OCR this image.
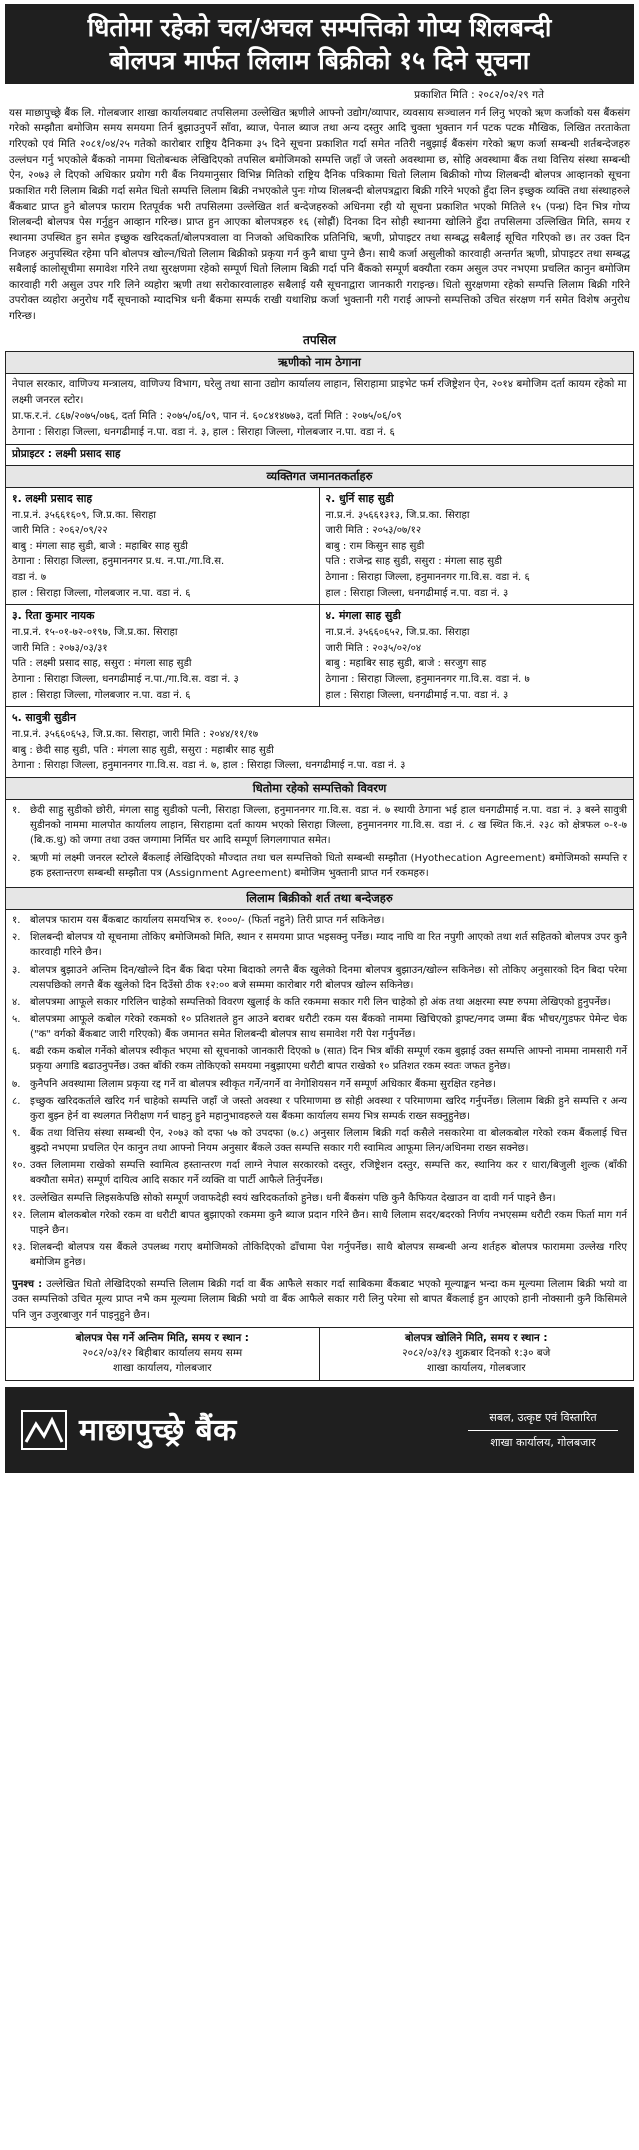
धितोमा रहेको चल/अचल सम्पत्तिको गोप्य शिलबन्दी
बोलपत्र मार्फत लिलाम बिक्रीको १५ दिने सूचना
प्रकाशित मिति : २०८२/०२/२९ गते
यस माछापुच्छ्रे बैंक लि. गोलबजार शाखा कार्यालयबाट तपसिलमा उल्लेखित ऋणीले आफ्नो उद्योग/व्यापार, व्यवसाय सञ्चालन गर्न लिनु भएको ऋण कर्जाको यस बैंकसंग गरेको सम्झौता बमोजिम समय समयमा तिर्न बुझाउनुपर्ने साँवा, ब्याज, पेनाल ब्याज तथा अन्य दस्तुर आदि चुक्ता भुक्तान गर्न पटक पटक मौखिक, लिखित तरताकेता गरिएको एवं मिति २०८१/०४/२५ गतेको कारोबार राष्ट्रिय दैनिकमा ३५ दिने सूचना प्रकाशित गर्दा समेत नतिरी नबुझाई बैंकसंग गरेको ऋण कर्जा सम्बन्धी शर्तबन्देजहरु उल्लंघन गर्नु भएकोले बैंकको नाममा धितोबन्धक लेखिदिएको तपसिल बमोजिमको सम्पत्ति जहाँ जे जस्तो अवस्थामा छ, सोहि अवस्थामा बैंक तथा वित्तिय संस्था सम्बन्धी ऐन, २०७३ ले दिएको अधिकार प्रयोग गरी बैंक नियमानुसार विभिन्न मितिको राष्ट्रिय दैनिक पत्रिकामा धितो लिलाम बिक्रीको गोप्य शिलबन्दी बोलपत्र आव्हानको सूचना प्रकाशित गरी लिलाम बिक्री गर्दा समेत धितो सम्पत्ति लिलाम बिक्री नभएकोले पुनः गोप्य शिलबन्दी बोलपत्रद्वारा बिक्री गरिने भएको हुँदा लिन इच्छुक व्यक्ति तथा संस्थाहरुले बैंकबाट प्राप्त हुने बोलपत्र फाराम रितपूर्वक भरी तपसिलमा उल्लेखित शर्त बन्देजहरुको अधिनमा रही यो सूचना प्रकाशित भएको मितिले १५ (पन्ध्र) दिन भित्र गोप्य शिलबन्दी बोलपत्र पेस गर्नुहुन आव्हान गरिन्छ। प्राप्त हुन आएका बोलपत्रहरु १६ (सोह्रौं) दिनका दिन सोही स्थानमा खोलिने हुँदा तपसिलमा उल्लिखित मिति, समय र स्थानमा उपस्थित हुन समेत इच्छुक खरिदकर्ता/बोलपत्रवाला वा निजको अधिकारिक प्रतिनिधि, ऋणी, प्रोपाइटर तथा सम्बद्ध सबैलाई सूचित गरिएको छ। तर उक्त दिन निजहरु अनुपस्थित रहेमा पनि बोलपत्र खोल्न/धितो लिलाम बिक्रीको प्रकृया गर्न कुनै बाधा पुग्ने छैन। साथै कर्जा असुलीको कारवाही अन्तर्गत ऋणी, प्रोपाइटर तथा सम्बद्ध सबैलाई कालोसूचीमा समावेश गरिने तथा सुरक्षणमा रहेको सम्पूर्ण धितो लिलाम बिक्री गर्दा पनि बैंकको सम्पूर्ण बक्यौता रकम असुल उपर नभएमा प्रचलित कानुन बमोजिम कारवाही गरी असुल उपर गरि लिने व्यहोरा ऋणी तथा सरोकारवालाहरु सबैलाई यसै सूचनाद्वारा जानकारी गराइन्छ। धितो सुरक्षणमा रहेको सम्पत्ति लिलाम बिक्री गरिने उपरोक्त व्यहोरा अनुरोध गर्दै सूचनाको म्यादभित्र धनी बैंकमा सम्पर्क राखी यथाशिघ्र कर्जा भुक्तानी गरी गराई आफ्नो सम्पत्तिको उचित संरक्षण गर्न समेत विशेष अनुरोध गरिन्छ।
तपसिल
ऋणीको नाम ठेगाना
नेपाल सरकार, वाणिज्य मन्त्रालय, वाणिज्य विभाग, घरेलु तथा साना उद्योग कार्यालय लाहान, सिराहामा प्राइभेट फर्म रजिष्ट्रेशन ऐन, २०१४ बमोजिम दर्ता कायम रहेको मा लक्ष्मी जनरल स्टोर।
प्रा.फ.र.नं. ८६७/२०७५/०७६, दर्ता मिति : २०७५/०६/०९, पान नं. ६०८४१४७७३, दर्ता मिति : २०७५/०६/०९
ठेगाना : सिराहा जिल्ला, धनगढीमाई न.पा. वडा नं. ३, हाल : सिराहा जिल्ला, गोलबजार न.पा. वडा नं. ६
प्रोप्राइटर : लक्ष्मी प्रसाद साह
व्यक्तिगत जमानतकर्ताहरु
१. लक्ष्मी प्रसाद साह
ना.प्र.नं. ३५६६१६०९, जि.प्र.का. सिराहा
जारी मिति : २०६२/०९/२२
बाबु : मंगला साह सुडी, बाजे : महाबिर साह सुडी
ठेगाना : सिराहा जिल्ला, हनुमाननगर प्र.ध. न.पा./गा.वि.स.
वडा नं. ७
हाल : सिराहा जिल्ला, गोलबजार न.पा. वडा नं. ६
२. धुर्नि साह सुडी
ना.प्र.नं. ३५६६१३१३, जि.प्र.का. सिराहा
जारी मिति : २०५३/०७/१२
बाबु : राम किसुन साह सुडी
पति : राजेन्द्र साह सुडी, ससुरा : मंगला साह सुडी
ठेगाना : सिराहा जिल्ला, हनुमाननगर गा.वि.स. वडा नं. ६
हाल : सिराहा जिल्ला, धनगढीमाई न.पा. वडा नं. ३
३. रिता कुमार नायक
ना.प्र.नं. १५-०१-७२-०१९७, जि.प्र.का. सिराहा
जारी मिति : २०७३/०३/३१
पति : लक्ष्मी प्रसाद साह, ससुरा : मंगला साह सुडी
ठेगाना : सिराहा जिल्ला, धनगढीमाई न.पा./गा.वि.स. वडा नं. ३
हाल : सिराहा जिल्ला, गोलबजार न.पा. वडा नं. ६
४. मंगला साह सुडी
ना.प्र.नं. ३५६६०६५२, जि.प्र.का. सिराहा
जारी मिति : २०३५/०२/०४
बाबु : महाबिर साह सुडी, बाजे : सरजुग साह
ठेगाना : सिराहा जिल्ला, हनुमाननगर गा.वि.स. वडा नं. ७
हाल : सिराहा जिल्ला, धनगढीमाई न.पा. वडा नं. ३
५. सावुत्री सुडीन
ना.प्र.नं. ३५६६०६५३, जि.प्र.का. सिराहा, जारी मिति : २०४४/११/१७
बाबु : छेदी साह सुडी, पति : मंगला साह सुडी, ससुरा : महाबीर साह सुडी
ठेगाना : सिराहा जिल्ला, हनुमाननगर गा.वि.स. वडा नं. ७, हाल : सिराहा जिल्ला, धनगढीमाई न.पा. वडा नं. ३
धितोमा रहेको सम्पत्तिको विवरण
१. छेदी साहु सुडीको छोरी, मंगला साहु सुडीको पत्नी, सिराहा जिल्ला, हनुमाननगर गा.वि.स. वडा नं. ७ स्थायी ठेगाना भई हाल धनगढीमाई न.पा. वडा नं. ३ बस्ने सावुत्री सुडीनको नाममा मालपोत कार्यालय लाहान, सिराहामा दर्ता कायम भएको सिराहा जिल्ला, हनुमाननगर गा.वि.स. वडा नं. ८ ख स्थित कि.नं. २३८ को क्षेत्रफल ०-१-७ (बि.क.धु) को जग्गा तथा उक्त जग्गामा निर्मित घर आदि सम्पूर्ण लिगलगापात समेत।
२. ऋणी मां लक्ष्मी जनरल स्टोरले बैंकलाई लेखिदिएको मौज्दात तथा चल सम्पत्तिको धितो सम्बन्धी सम्झौता (Hyothecation Agreement) बमोजिमको सम्पत्ति र हक हस्तान्तरण सम्बन्धी सम्झौता पत्र (Assignment Agreement) बमोजिम भुक्तानी प्राप्त गर्न रकमहरु।
लिलाम बिक्रीको शर्त तथा बन्देजहरु
१. बोलपत्र फाराम यस बैंकबाट कार्यालय समयभित्र रु. १०००/- (फिर्ता नहुने) तिरी प्राप्त गर्न सकिनेछ।
२. शिलबन्दी बोलपत्र यो सूचनामा तोकिए बमोजिमको मिति, स्थान र समयमा प्राप्त भइसक्नु पर्नेछ। म्याद नाघि वा रित नपुगी आएको तथा शर्त सहितको बोलपत्र उपर कुनै कारवाही गरिने छैन।
३. बोलपत्र बुझाउने अन्तिम दिन/खोल्ने दिन बैंक बिदा परेमा बिदाको लगत्तै बैंक खुलेको दिनमा बोलपत्र बुझाउन/खोल्न सकिनेछ। सो तोकिए अनुसारको दिन बिदा परेमा त्यसपछिको लगत्तै बैंक खुलेको दिन दिउँसो ठीक १२:०० बजे सम्ममा कारोबार गरी बोलपत्र खोल्न सकिनेछ।
४. बोलपत्रमा आफूले सकार गरिलिन चाहेको सम्पत्तिको विवरण खुलाई के कति रकममा सकार गरी लिन चाहेको हो अंक तथा अक्षरमा स्पष्ट रुपमा लेखिएको हुनुपर्नेछ।
५. बोलपत्रमा आफूले कबोल गरेको रकमको १० प्रतिशतले हुन आउने बराबर धरौटी रकम यस बैंकको नाममा खिचिएको ड्राफ्ट/नगद जम्मा बैंक भौचर/गुडफर पेमेन्ट चेक ("क" वर्गको बैंकबाट जारी गरिएको) बैंक जमानत समेत शिलबन्दी बोलपत्र साथ समावेश गरी पेश गर्नुपर्नेछ।
६. बढी रकम कबोल गर्नेको बोलपत्र स्वीकृत भएमा सो सूचनाको जानकारी दिएको ७ (सात) दिन भित्र बाँकी सम्पूर्ण रकम बुझाई उक्त सम्पत्ति आफ्नो नाममा नामसारी गर्ने प्रकृया अगाडि बढाउनुपर्नेछ। उक्त बाँकी रकम तोकिएको समयमा नबुझाएमा धरौटी बापत राखेको १० प्रतिशत रकम स्वतः जफत हुनेछ।
७. कुनैपनि अवस्थामा लिलाम प्रकृया रद्द गर्ने वा बोलपत्र स्वीकृत गर्ने/नगर्ने वा नेगोशियसन गर्ने सम्पूर्ण अधिकार बैंकमा सुरक्षित रहनेछ।
८. इच्छुक खरिदकर्ताले खरिद गर्न चाहेको सम्पत्ति जहाँ जे जस्तो अवस्था र परिमाणमा छ सोही अवस्था र परिमाणमा खरिद गर्नुपर्नेछ। लिलाम बिक्री हुने सम्पत्ति र अन्य कुरा बुझ्न हेर्न वा स्थलगत निरीक्षण गर्न चाहनु हुने महानुभावहरुले यस बैंकमा कार्यालय समय भित्र सम्पर्क राख्न सक्नुहुनेछ।
९. बैंक तथा वित्तिय संस्था सम्बन्धी ऐन, २०७३ को दफा ५७ को उपदफा (७.८) अनुसार लिलाम बिक्री गर्दा कसैले नसकारेमा वा बोलकबोल गरेको रकम बैंकलाई चित्त बुझ्दो नभएमा प्रचलित ऐन कानुन तथा आफ्नो नियम अनुसार बैंकले उक्त सम्पत्ति सकार गरी स्वामित्व आफूमा लिन/अधिनमा राख्न सक्नेछ।
१०. उक्त लिलाममा राखेको सम्पत्ति स्वामित्व हस्तान्तरण गर्दा लाग्ने नेपाल सरकारको दस्तुर, रजिष्ट्रेशन दस्तुर, सम्पत्ति कर, स्थानिय कर र धारा/बिजुली शुल्क (बाँकी बक्यौता समेत) सम्पूर्ण दायित्व आदि सकार गर्ने व्यक्ति वा पार्टी आफैले तिर्नुपर्नेछ।
११. उल्लेखित सम्पत्ति लिइसकेपछि सोको सम्पूर्ण जवाफदेही स्वयं खरिदकर्ताको हुनेछ। धनी बैंकसंग पछि कुनै कैफियत देखाउन वा दावी गर्न पाइने छैन।
१२. लिलाम बोलकबोल गरेको रकम वा धरौटी बापत बुझाएको रकममा कुनै ब्याज प्रदान गरिने छैन। साथै लिलाम सदर/बदरको निर्णय नभएसम्म धरौटी रकम फिर्ता माग गर्न पाइने छैन।
१३. शिलबन्दी बोलपत्र यस बैंकले उपलब्ध गराए बमोजिमको तोकिदिएको ढाँचामा पेश गर्नुपर्नेछ। साथै बोलपत्र सम्बन्धी अन्य शर्तहरु बोलपत्र फाराममा उल्लेख गरिए बमोजिम हुनेछ।
पुनश्च : उल्लेखित धितो लेखिदिएको सम्पत्ति लिलाम बिक्री गर्दा वा बैंक आफैले सकार गर्दा साबिकमा बैंकबाट भएको मूल्याङ्कन भन्दा कम मूल्यमा लिलाम बिक्री भयो वा उक्त सम्पत्तिको उचित मूल्य प्राप्त नभै कम मूल्यमा लिलाम बिक्री भयो वा बैंक आफैले सकार गरी लिनु परेमा सो बापत बैंकलाई हुन आएको हानी नोक्सानी कुनै किसिमले पनि जुन उजुरबाजुर गर्न पाइनुहुने छैन।
बोलपत्र पेस गर्ने अन्तिम मिति, समय र स्थान :
२०८२/०३/१२ बिहीबार कार्यालय समय सम्म
शाखा कार्यालय, गोलबजार
बोलपत्र खोलिने मिति, समय र स्थान :
२०८२/०३/१३ शुक्रबार दिनको १:३० बजे
शाखा कार्यालय, गोलबजार
माछापुच्छ्रे बैंक	सबल, उत्कृष्ट एवं विस्तारित
शाखा कार्यालय, गोलबजार
